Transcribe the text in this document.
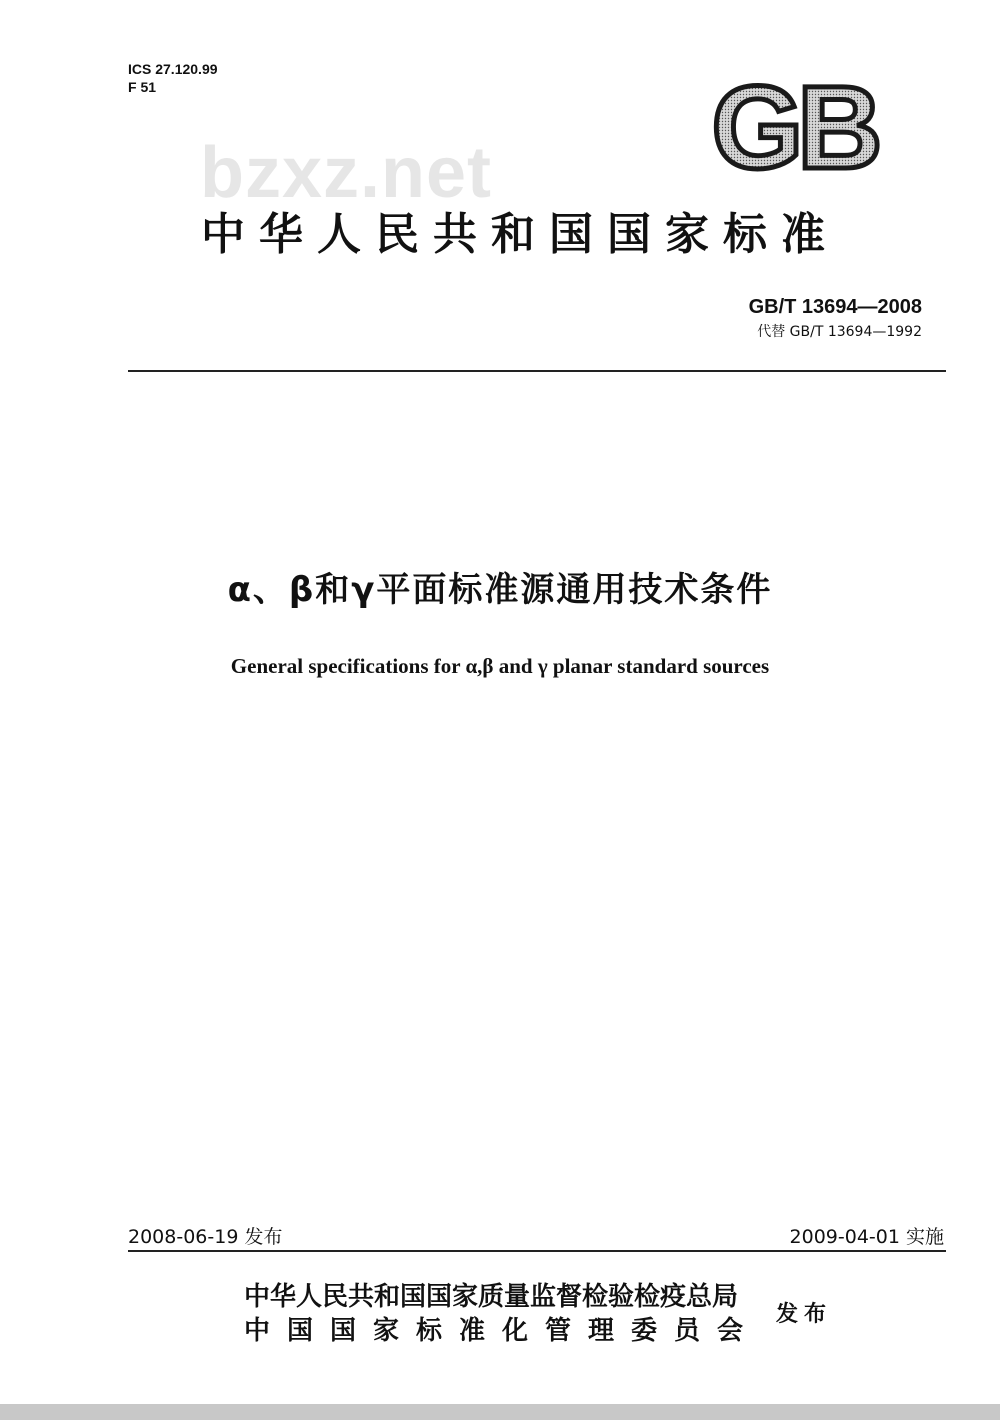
ICS 27.120.99
F 51
bzxz.net GB
中华人民共和国国家标准
GB/T 13694—2008
代替 GB/T 13694—1992
α、β和γ平面标准源通用技术条件
General specifications for α,β and γ planar standard sources
2008-06-19 发布	2009-04-01 实施
中华人民共和国国家质量监督检验检疫总局
中国国家标准化管理委员会
发布
